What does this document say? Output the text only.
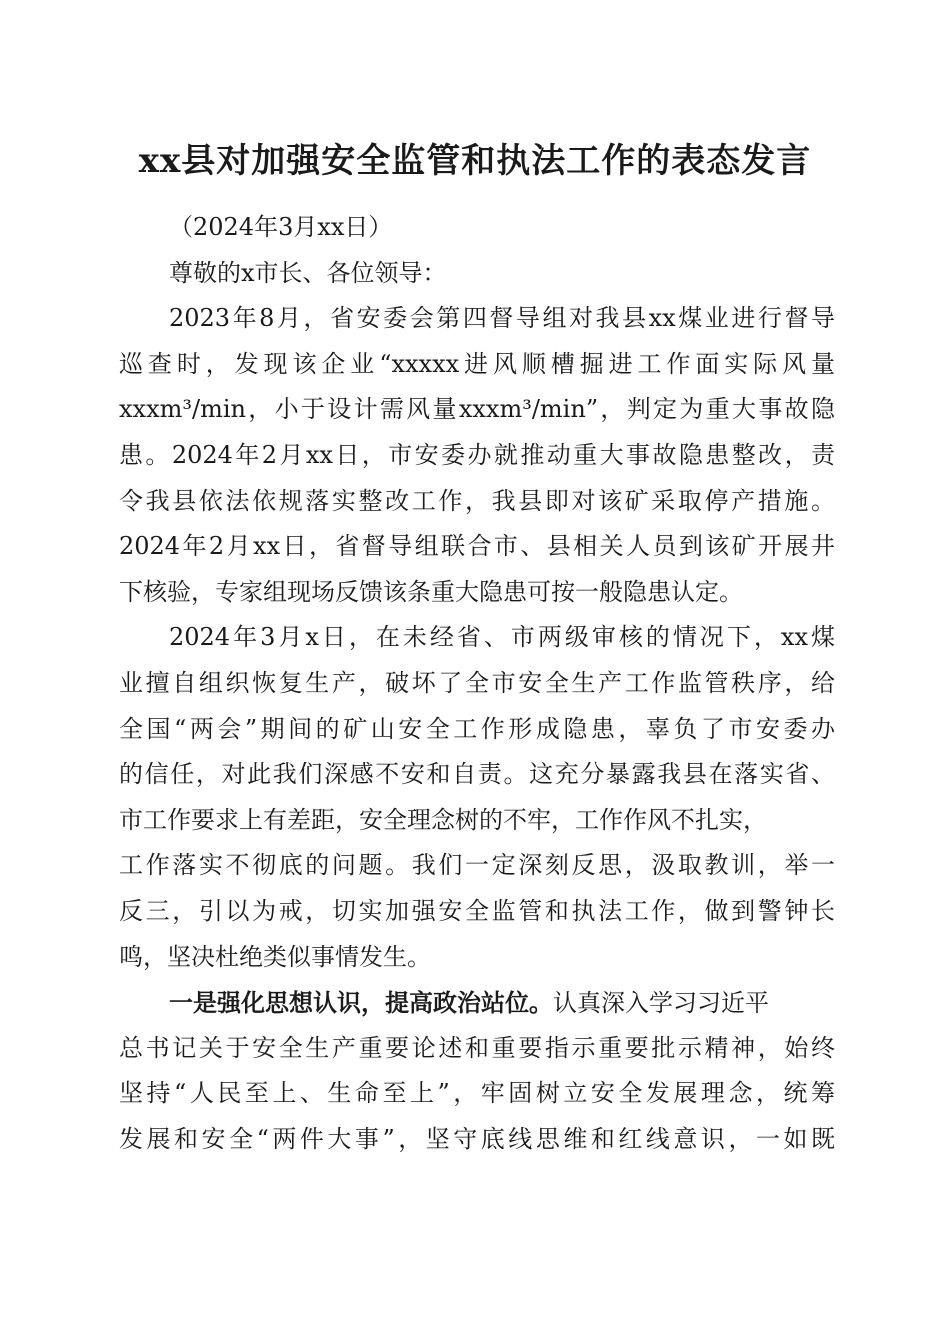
xx县对加强安全监管和执法工作的表态发言
（2024年3月xx日）
尊敬的x市长、各位领导：
2023年8月，省安委会第四督导组对我县xx煤业进行督导
巡查时，发现该企业“xxxxx进风顺槽掘进工作面实际风量
xxxm³/min，小于设计需风量xxxm³/min”，判定为重大事故隐
患。2024年2月xx日，市安委办就推动重大事故隐患整改，责
令我县依法依规落实整改工作，我县即对该矿采取停产措施。
2024年2月xx日，省督导组联合市、县相关人员到该矿开展井
下核验，专家组现场反馈该条重大隐患可按一般隐患认定。
2024年3月x日，在未经省、市两级审核的情况下，xx煤
业擅自组织恢复生产，破坏了全市安全生产工作监管秩序，给
全国“两会”期间的矿山安全工作形成隐患，辜负了市安委办
的信任，对此我们深感不安和自责。这充分暴露我县在落实省、
市工作要求上有差距，安全理念树的不牢，工作作风不扎实，
工作落实不彻底的问题。我们一定深刻反思，汲取教训，举一
反三，引以为戒，切实加强安全监管和执法工作，做到警钟长
鸣，坚决杜绝类似事情发生。
一是强化思想认识，提高政治站位。认真深入学习习近平
总书记关于安全生产重要论述和重要指示重要批示精神，始终
坚持“人民至上、生命至上”，牢固树立安全发展理念，统筹
发展和安全“两件大事”，坚守底线思维和红线意识，一如既
